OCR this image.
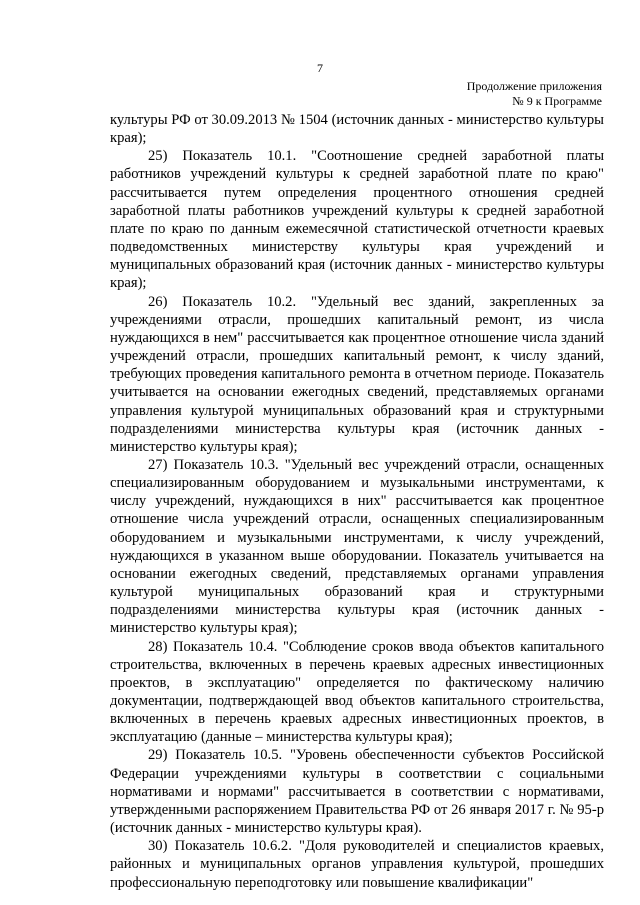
7
Продолжение приложения
№ 9 к Программе

культуры РФ от 30.09.2013 № 1504 (источник данных - министерство культуры края);

25) Показатель 10.1. "Соотношение средней заработной платы работников учреждений культуры к средней заработной плате по краю" рассчитывается путем определения процентного отношения средней заработной платы работников учреждений культуры к средней заработной плате по краю по данным ежемесячной статистической отчетности краевых подведомственных министерству культуры края учреждений и муниципальных образований края (источник данных - министерство культуры края);

26) Показатель 10.2. "Удельный вес зданий, закрепленных за учреждениями отрасли, прошедших капитальный ремонт, из числа нуждающихся в нем" рассчитывается как процентное отношение числа зданий учреждений отрасли, прошедших капитальный ремонт, к числу зданий, требующих проведения капитального ремонта в отчетном периоде. Показатель учитывается на основании ежегодных сведений, представляемых органами управления культурой муниципальных образований края и структурными подразделениями министерства культуры края (источник данных - министерство культуры края);

27) Показатель 10.3. "Удельный вес учреждений отрасли, оснащенных специализированным оборудованием и музыкальными инструментами, к числу учреждений, нуждающихся в них" рассчитывается как процентное отношение числа учреждений отрасли, оснащенных специализированным оборудованием и музыкальными инструментами, к числу учреждений, нуждающихся в указанном выше оборудовании. Показатель учитывается на основании ежегодных сведений, представляемых органами управления культурой муниципальных образований края и структурными подразделениями министерства культуры края (источник данных - министерство культуры края);

28) Показатель 10.4. "Соблюдение сроков ввода объектов капитального строительства, включенных в перечень краевых адресных инвестиционных проектов, в эксплуатацию" определяется по фактическому наличию документации, подтверждающей ввод объектов капитального строительства, включенных в перечень краевых адресных инвестиционных проектов, в эксплуатацию (данные – министерства культуры края);

29) Показатель 10.5. "Уровень обеспеченности субъектов Российской Федерации учреждениями культуры в соответствии с социальными нормативами и нормами" рассчитывается в соответствии с нормативами, утвержденными распоряжением Правительства РФ от 26 января 2017 г. № 95-р (источник данных - министерство культуры края).

30) Показатель 10.6.2. "Доля руководителей и специалистов краевых, районных и муниципальных органов управления культурой, прошедших профессиональную переподготовку или повышение квалификации"
